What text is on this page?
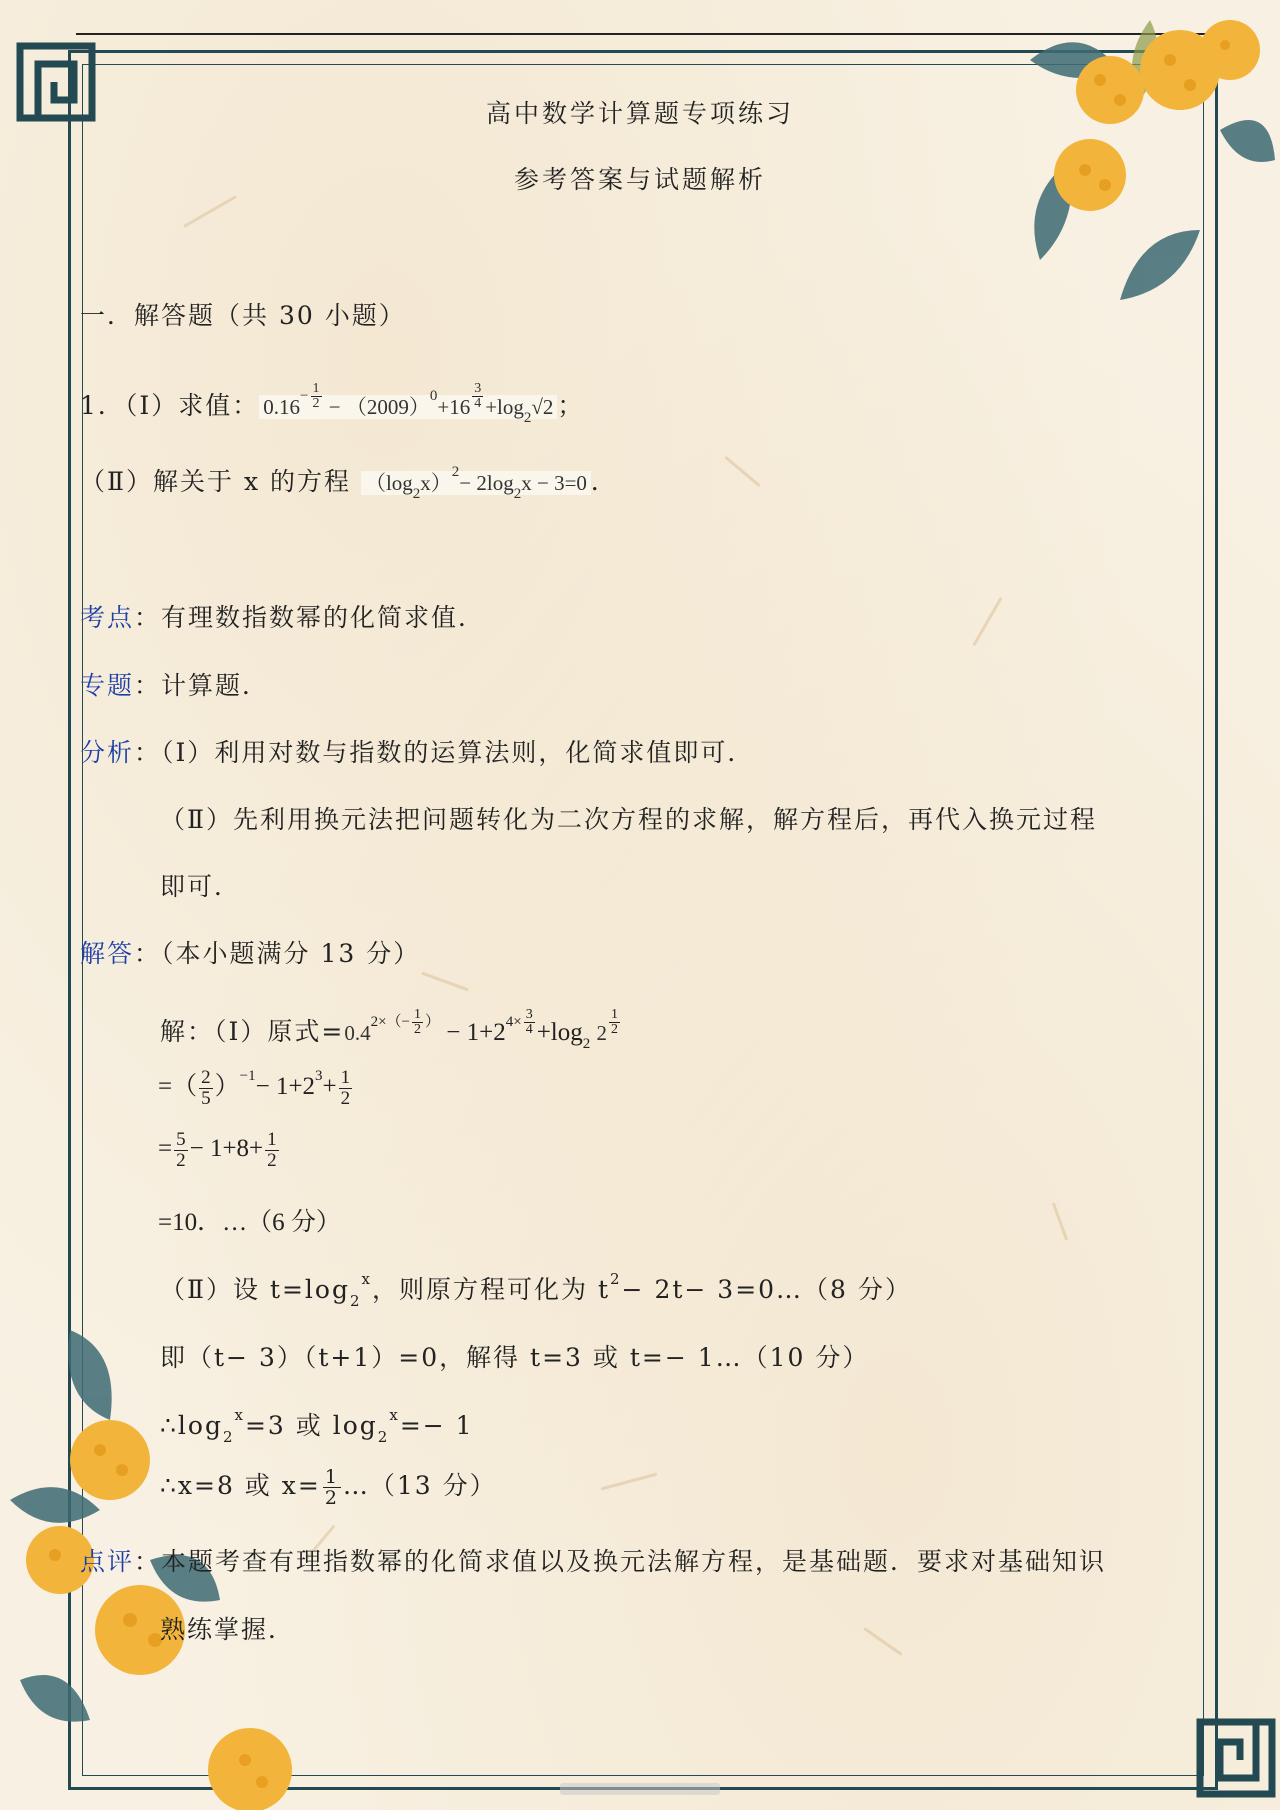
高中数学计算题专项练习
参考答案与试题解析
一．解答题（共 30 小题）
1．（Ⅰ）求值： $0.16^{- \frac{1}{2}} - (2009)^0+16$ $^{\frac{3}{4}} +\log_2√2$ ；
（Ⅱ）解关于 x 的方程 $(\log_2x)^2- 2\log_2x - 3=0$ ．
考点：有理数指数幂的化简求值．
专题：计算题．
分析：（Ⅰ）利用对数与指数的运算法则，化简求值即可．
（Ⅱ）先利用换元法把问题转化为二次方程的求解，解方程后，再代入换元过程
即可．
解答：（本小题满分 13 分）
解：（Ⅰ）原式$=0.4^{2\times(- \frac{1}{2} )} - 1+2^{4\times \frac{3}{4}} +\log_2$ 2 $^{\frac{1}{2}}$
=（ $\frac{2}{5} )^{-1}- 1+2^3+ \frac{1}{2}$
= $\frac{5}{2} - 1+8+ \frac{1}{2}$
=10．…（6 分）
（Ⅱ）设 $t=\log_2^x$，则原方程可化为 $t^2- 2t-$ 3=0…（8 分）
即（t− 3）（t+1）=0，解得 t=3 或 t=− 1…（10 分）
$\therefore\log_2^x=3$ 或 $\log_2^x=- 1$
∴x=8 或 $x= \frac{1}{2}$ …（13 分）
点评：本题考查有理指数幂的化简求值以及换元法解方程，是基础题．要求对基础知识
熟练掌握．
